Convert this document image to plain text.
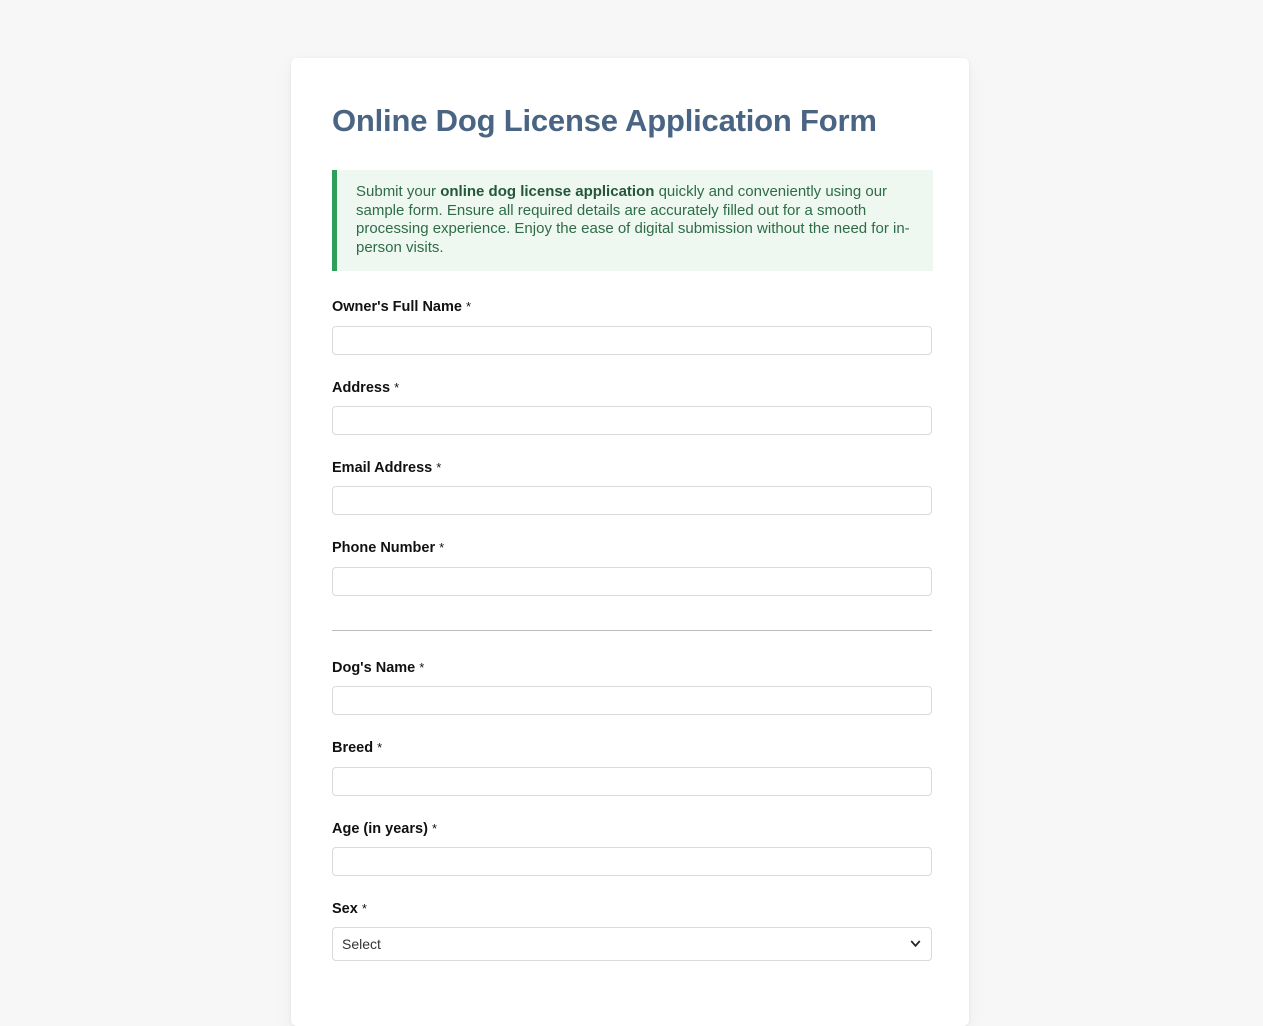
Online Dog License Application Form

Submit your online dog license application quickly and conveniently using our sample form. Ensure all required details are accurately filled out for a smooth processing experience. Enjoy the ease of digital submission without the need for in-person visits.

Owner's Full Name *
Address *
Email Address *
Phone Number *
Dog's Name *
Breed *
Age (in years) *
Sex *
Select
